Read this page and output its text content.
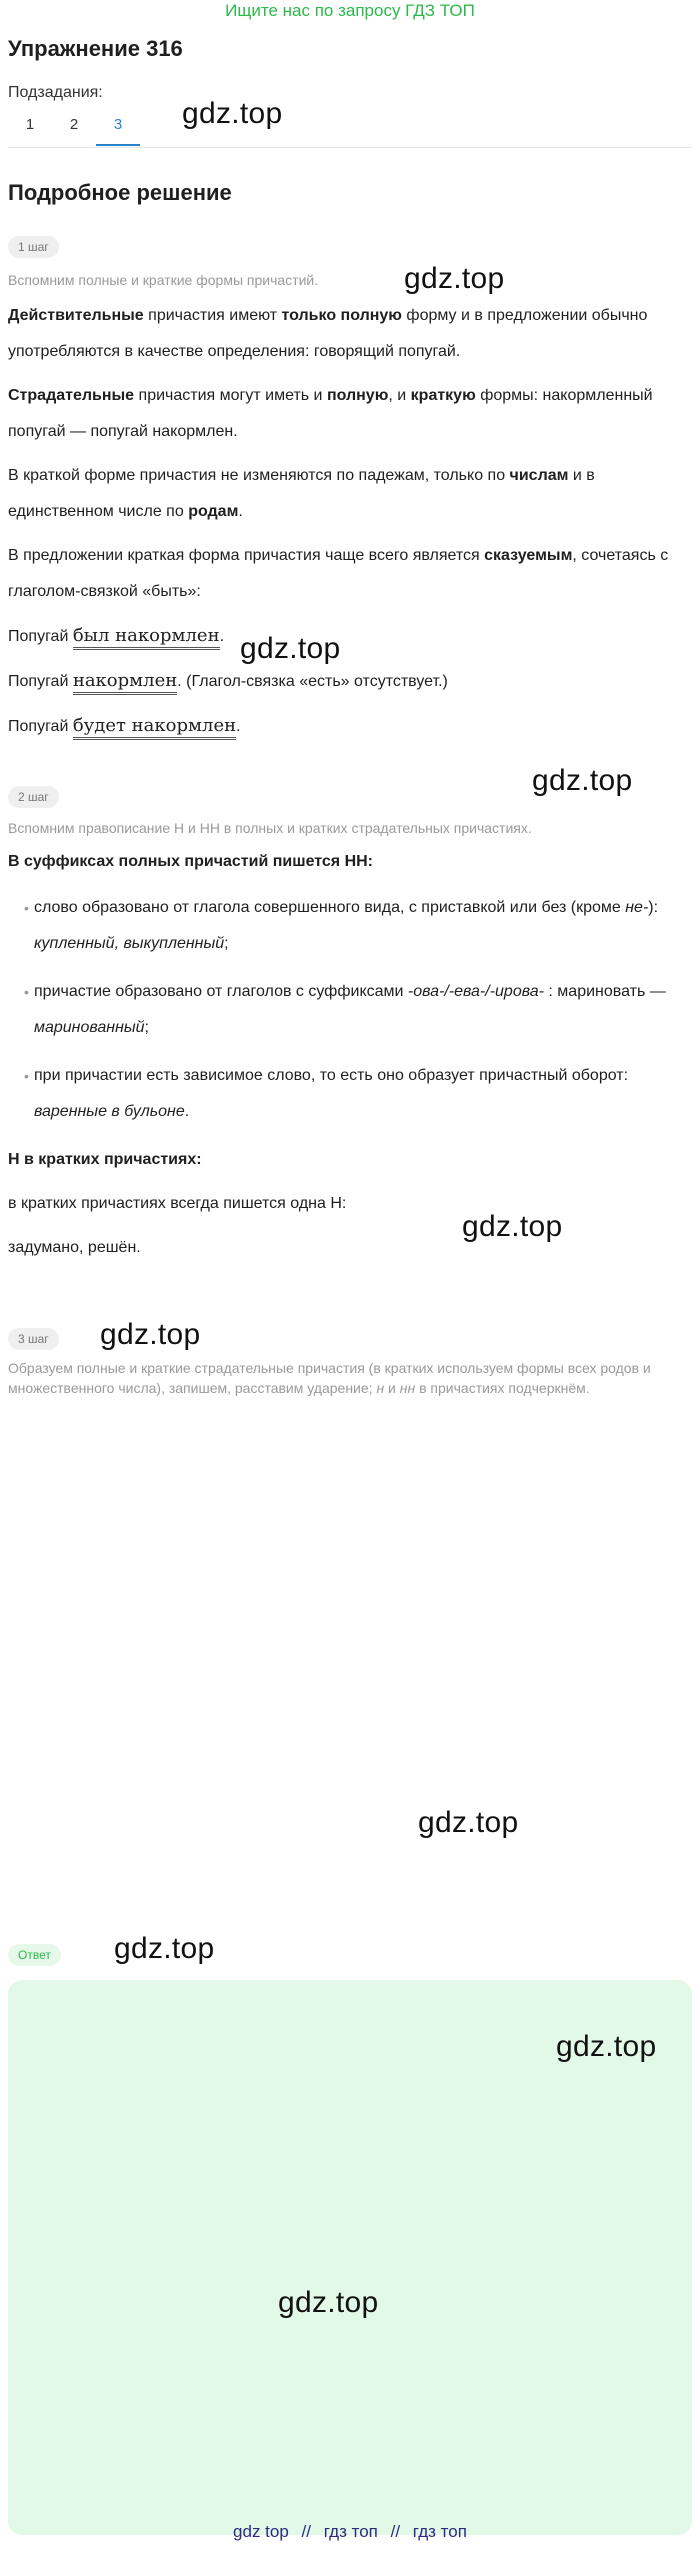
Ищите нас по запросу ГДЗ ТОП
Упражнение 316
Подзадания:
1	2	3	gdz.top
Подробное решение
1 шаг
Вспомним полные и краткие формы причастий.
Действительные причастия имеют только полную форму и в предложении обычно употребляются в качестве определения: говорящий попугай.
Страдательные причастия могут иметь и полную, и краткую формы: накормленный попугай — попугай накормлен.
В краткой форме причастия не изменяются по падежам, только по числам и в единственном числе по родам.
В предложении краткая форма причастия чаще всего является сказуемым, сочетаясь с глаголом-связкой «быть»:
Попугай был накормлен.
Попугай накормлен. (Глагол-связка «есть» отсутствует.)
Попугай будет накормлен.
gdz.top
gdz.top
gdz.top
2 шаг
Вспомним правописание Н и НН в полных и кратких страдательных причастиях.
В суффиксах полных причастий пишется НН:
• слово образовано от глагола совершенного вида, с приставкой или без (кроме не-): купленный, выкупленный;
• причастие образовано от глаголов с суффиксами -ова-/-ева-/-ирова- : мариновать — маринованный;
• при причастии есть зависимое слово, то есть оно образует причастный оборот: варенные в бульоне.
Н в кратких причастиях:
в кратких причастиях всегда пишется одна Н:
задумано, решён.
gdz.top
gdz.top
3 шаг
Образуем полные и краткие страдательные причастия (в кратких используем формы всех родов и множественного числа), запишем, расставим ударение; н и нн в причастиях подчеркнём.
gdz.top
Ответ	gdz.top
gdz.top
gdz.top
gdz top // гдз топ // гдз топ
